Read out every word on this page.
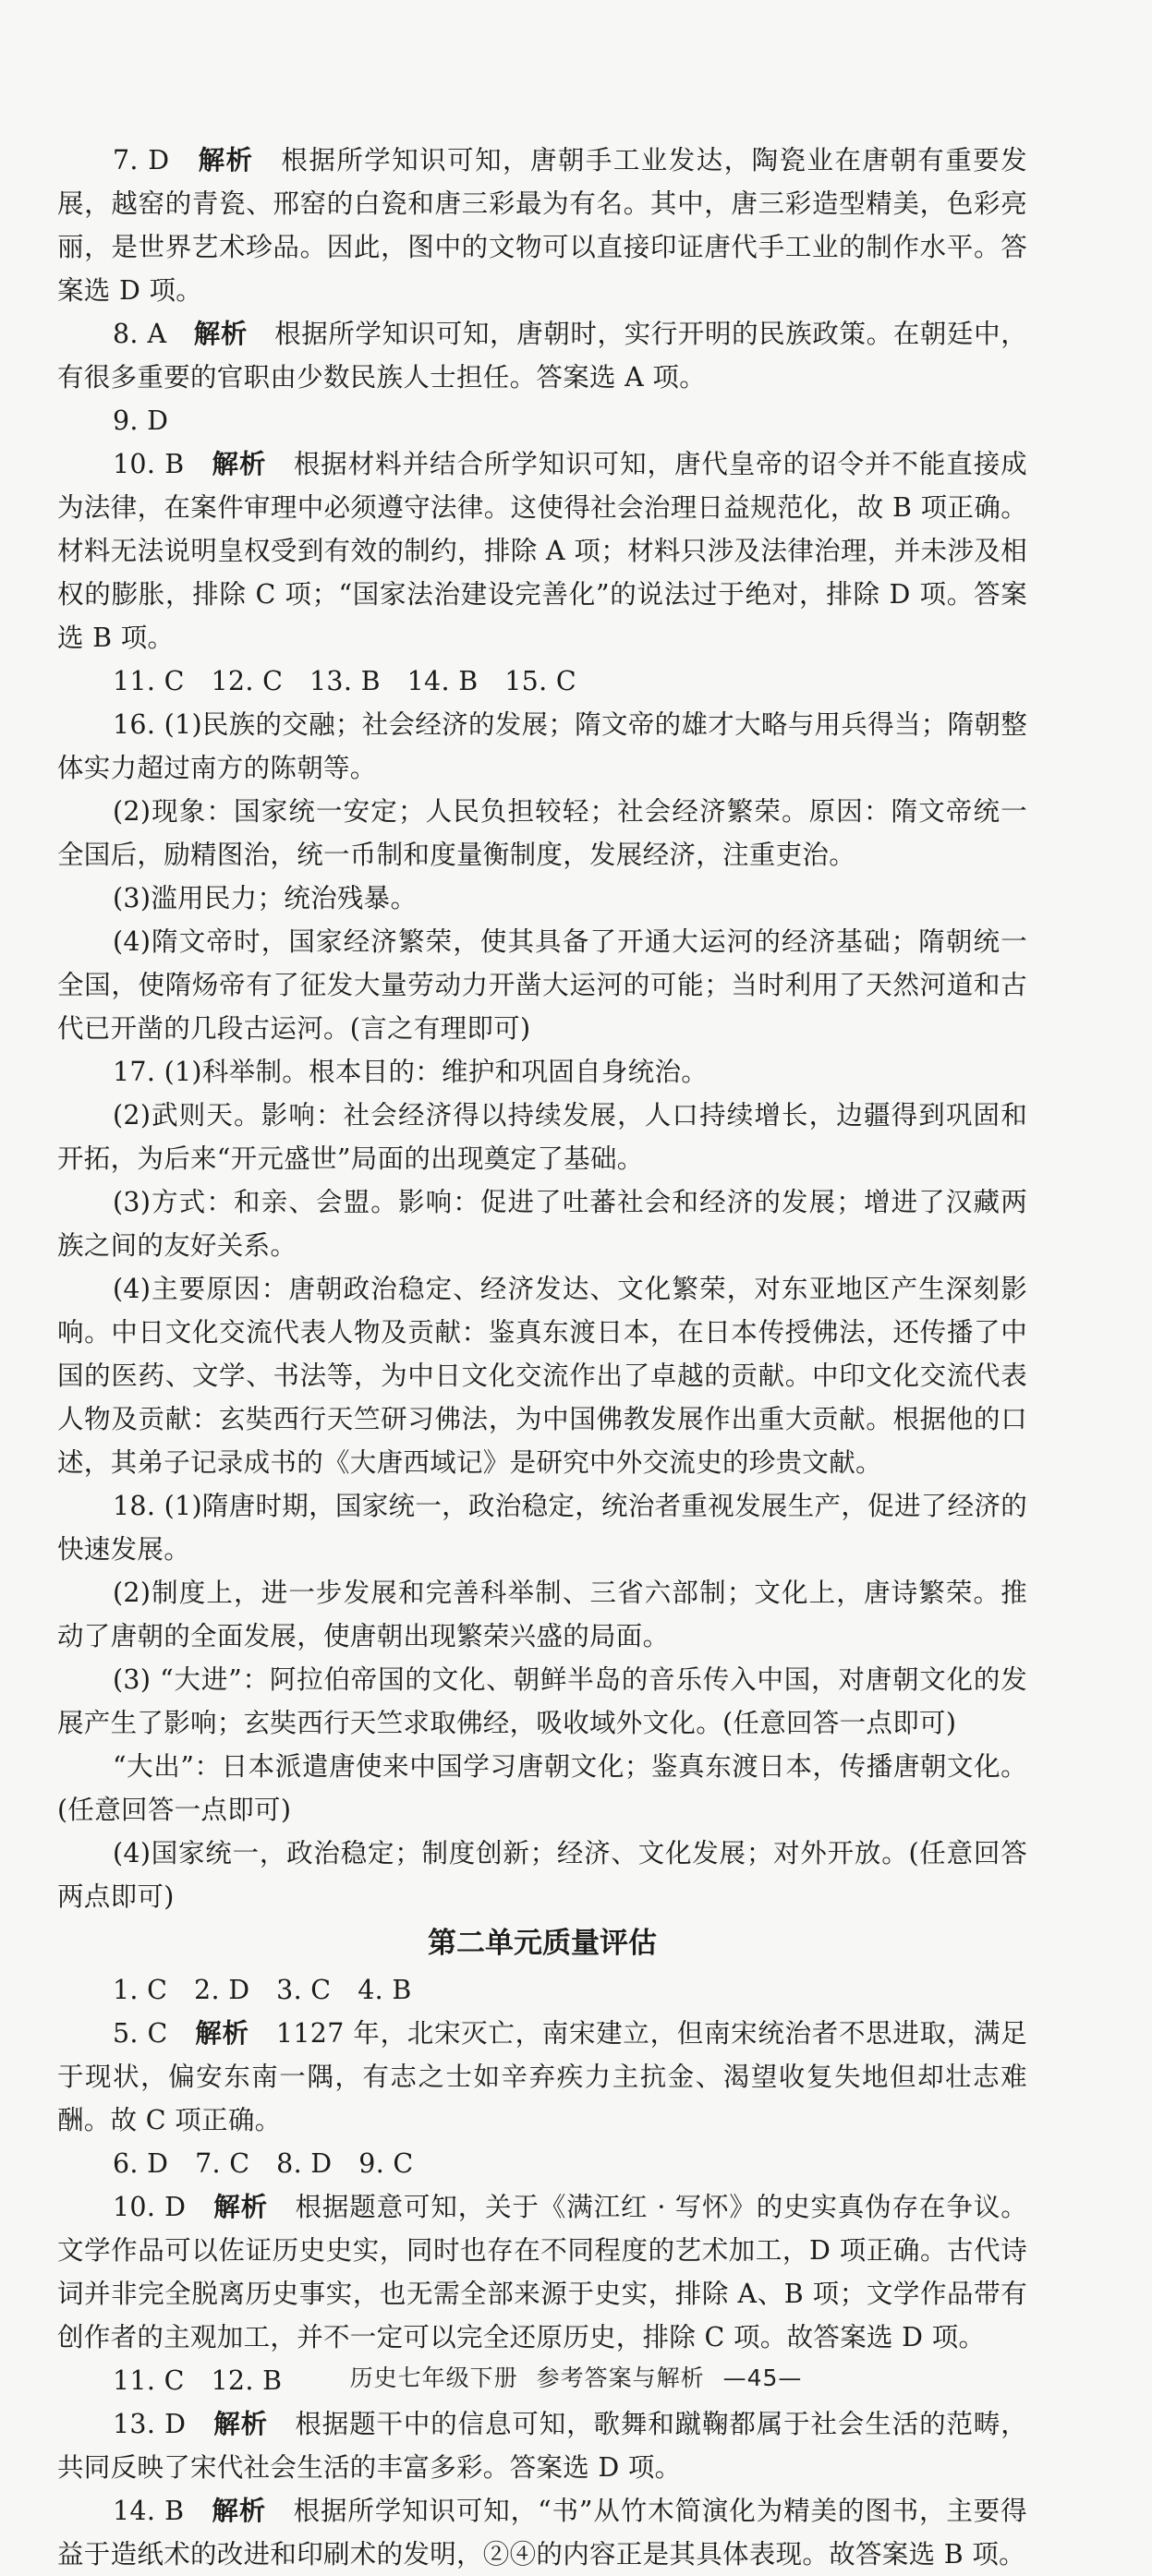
7. D　 解析　 根据所学知识可知，唐朝手工业发达，陶瓷业在唐朝有重要发展，越窑的青瓷、邢窑的白瓷和唐三彩最为有名。其中，唐三彩造型精美，色彩亮丽，是世界艺术珍品。因此，图中的文物可以直接印证唐代手工业的制作水平。答案选 D 项。

8. A　 解析　 根据所学知识可知，唐朝时，实行开明的民族政策。在朝廷中，有很多重要的官职由少数民族人士担任。答案选 A 项。

9. D

10. B　 解析　 根据材料并结合所学知识可知，唐代皇帝的诏令并不能直接成为法律，在案件审理中必须遵守法律。这使得社会治理日益规范化，故 B 项正确。材料无法说明皇权受到有效的制约，排除 A 项；材料只涉及法律治理，并未涉及相权的膨胀，排除 C 项；“国家法治建设完善化”的说法过于绝对，排除 D 项。答案选 B 项。

11. C　12. C　13. B　14. B　15. C

16. (1)民族的交融；社会经济的发展；隋文帝的雄才大略与用兵得当；隋朝整体实力超过南方的陈朝等。

(2)现象：国家统一安定；人民负担较轻；社会经济繁荣。原因：隋文帝统一全国后，励精图治，统一币制和度量衡制度，发展经济，注重吏治。

(3)滥用民力；统治残暴。

(4)隋文帝时，国家经济繁荣，使其具备了开通大运河的经济基础；隋朝统一全国，使隋炀帝有了征发大量劳动力开凿大运河的可能；当时利用了天然河道和古代已开凿的几段古运河。(言之有理即可)

17. (1)科举制。根本目的：维护和巩固自身统治。

(2)武则天。影响：社会经济得以持续发展，人口持续增长，边疆得到巩固和开拓，为后来“开元盛世”局面的出现奠定了基础。

(3)方式：和亲、会盟。影响：促进了吐蕃社会和经济的发展；增进了汉藏两族之间的友好关系。

(4)主要原因：唐朝政治稳定、经济发达、文化繁荣，对东亚地区产生深刻影响。中日文化交流代表人物及贡献：鉴真东渡日本，在日本传授佛法，还传播了中国的医药、文学、书法等，为中日文化交流作出了卓越的贡献。中印文化交流代表人物及贡献：玄奘西行天竺研习佛法，为中国佛教发展作出重大贡献。根据他的口述，其弟子记录成书的《大唐西域记》是研究中外交流史的珍贵文献。

18. (1)隋唐时期，国家统一，政治稳定，统治者重视发展生产，促进了经济的快速发展。

(2)制度上，进一步发展和完善科举制、三省六部制；文化上，唐诗繁荣。推动了唐朝的全面发展，使唐朝出现繁荣兴盛的局面。

(3) “大进”：阿拉伯帝国的文化、朝鲜半岛的音乐传入中国，对唐朝文化的发展产生了影响；玄奘西行天竺求取佛经，吸收域外文化。(任意回答一点即可)

“大出”：日本派遣唐使来中国学习唐朝文化；鉴真东渡日本，传播唐朝文化。(任意回答一点即可)

(4)国家统一，政治稳定；制度创新；经济、文化发展；对外开放。(任意回答两点即可)

第二单元质量评估

1. C　2. D　3. C　4. B

5. C　 解析　 1127 年，北宋灭亡，南宋建立，但南宋统治者不思进取，满足于现状，偏安东南一隅，有志之士如辛弃疾力主抗金、渴望收复失地但却壮志难酬。故 C 项正确。

6. D　7. C　8. D　9. C

10. D　 解析　 根据题意可知，关于《满江红 · 写怀》的史实真伪存在争议。文学作品可以佐证历史史实，同时也存在不同程度的艺术加工，D 项正确。古代诗词并非完全脱离历史事实，也无需全部来源于史实，排除 A、B 项；文学作品带有创作者的主观加工，并不一定可以完全还原历史，排除 C 项。故答案选 D 项。

11. C　12. B

13. D　 解析　 根据题干中的信息可知，歌舞和蹴鞠都属于社会生活的范畴，共同反映了宋代社会生活的丰富多彩。答案选 D 项。

14. B　 解析　 根据所学知识可知，“书”从竹木简演化为精美的图书，主要得益于造纸术的改进和印刷术的发明，②④的内容正是其具体表现。故答案选 B 项。

历史七年级下册 参考答案与解析 —45—
